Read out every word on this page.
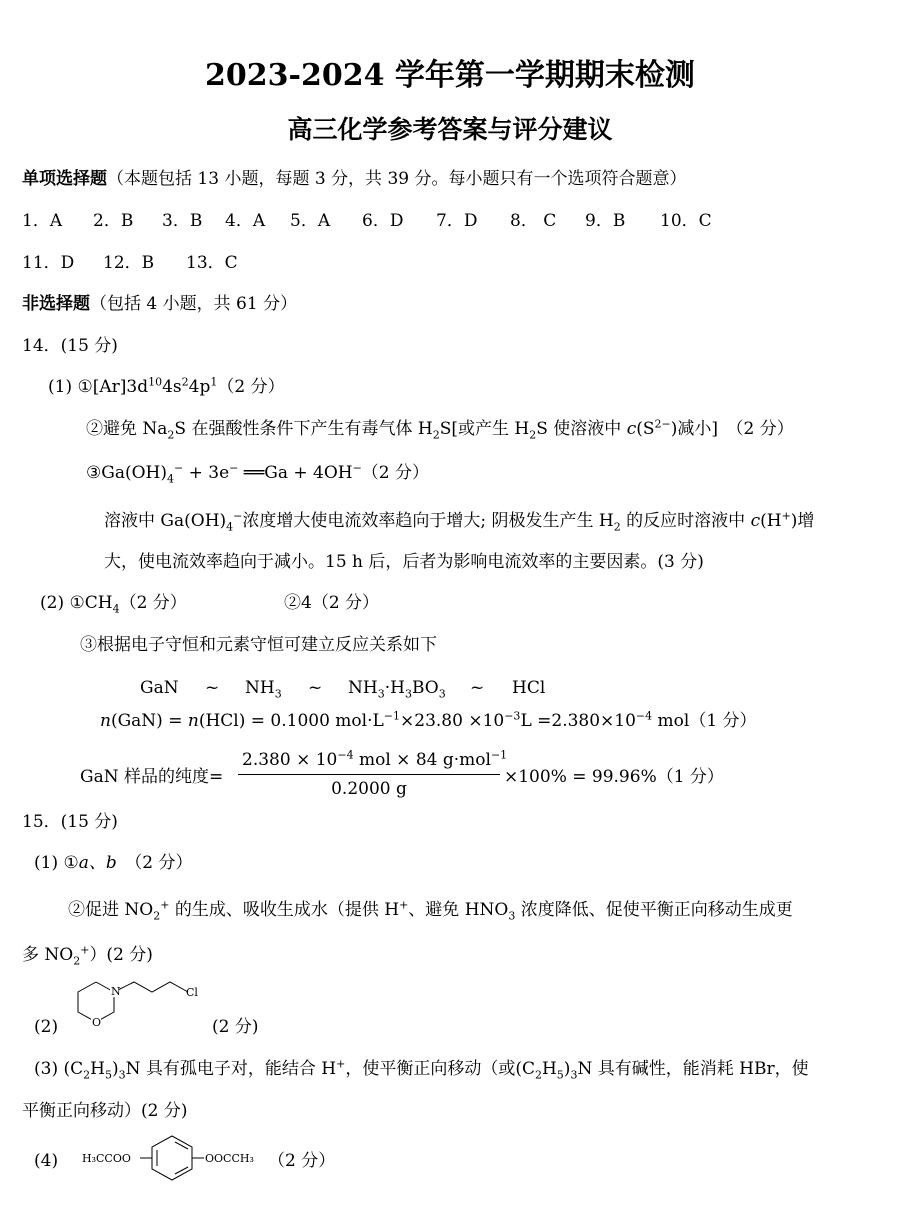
2023-2024 学年第一学期期末检测
高三化学参考答案与评分建议
单项选择题（本题包括 13 小题，每题 3 分，共 39 分。每小题只有一个选项符合题意）
1．A 2．B 3．B 4．A 5．A 6．D 7．D 8． C 9．B 10．C
11．D 12．B 13．C
非选择题（包括 4 小题，共 61 分）
14．(15 分)
(1) $①[Ar]3d^{10}4s^24p^1(2$ 分）
②避免 $Na_2S$ 在强酸性条件下产生有毒气体 $H_2S$[或产生 $H_2S$ 使溶液中 $c(S^{2-})$减小]　（2 分）
$③Ga(OH)_4^- + 3e^-$ ══Ga + 4OH−（2 分）
溶液中 $Ga(OH)_4^-$浓度增大使电流效率趋向于增大; 阴极发生产生 $H_2$ 的反应时溶液中 c(H+)增
大，使电流效率趋向于减小。15 h 后，后者为影响电流效率的主要因素。(3 分)
(2) $①CH_4(2$ 分）	②4（2 分）
③根据电子守恒和元素守恒可建立反应关系如下
GaN ~ $NH_3$ ~ $NH_3\cdot H_3BO_3$ ~ HCl
n(GaN) = n(HCl) = 0.1000 $mol\cdot L^{-1}\times 23.80 \times 10^{-3}L =2.380\times 10^{-4}$ mol（1 分）
GaN 样品的纯度=
$2.380 \times 10^{-4}$ mol × 84 g·mol$^{-1}$
0.2000 g
×100% = 99.96%（1 分）
15．(15 分)
(1) ①a、b　（2 分）
②促进 $NO_2^+$ 的生成、吸收生成水（提供 H+、避免 $HNO_3$ 浓度降低、促使平衡正向移动生成更
多 $NO_2^+)(2$ 分)
(2)
N
O
Cl
(2 分)
(3) $(C_2H_5)_3N$ 具有孤电子对，能结合 H+，使平衡正向移动（或$(C_2H_5)_3N$ 具有碱性，能消耗 HBr，使
平衡正向移动）(2 分)
(4) H₃CCOO	OOCCH₃ （2 分）
